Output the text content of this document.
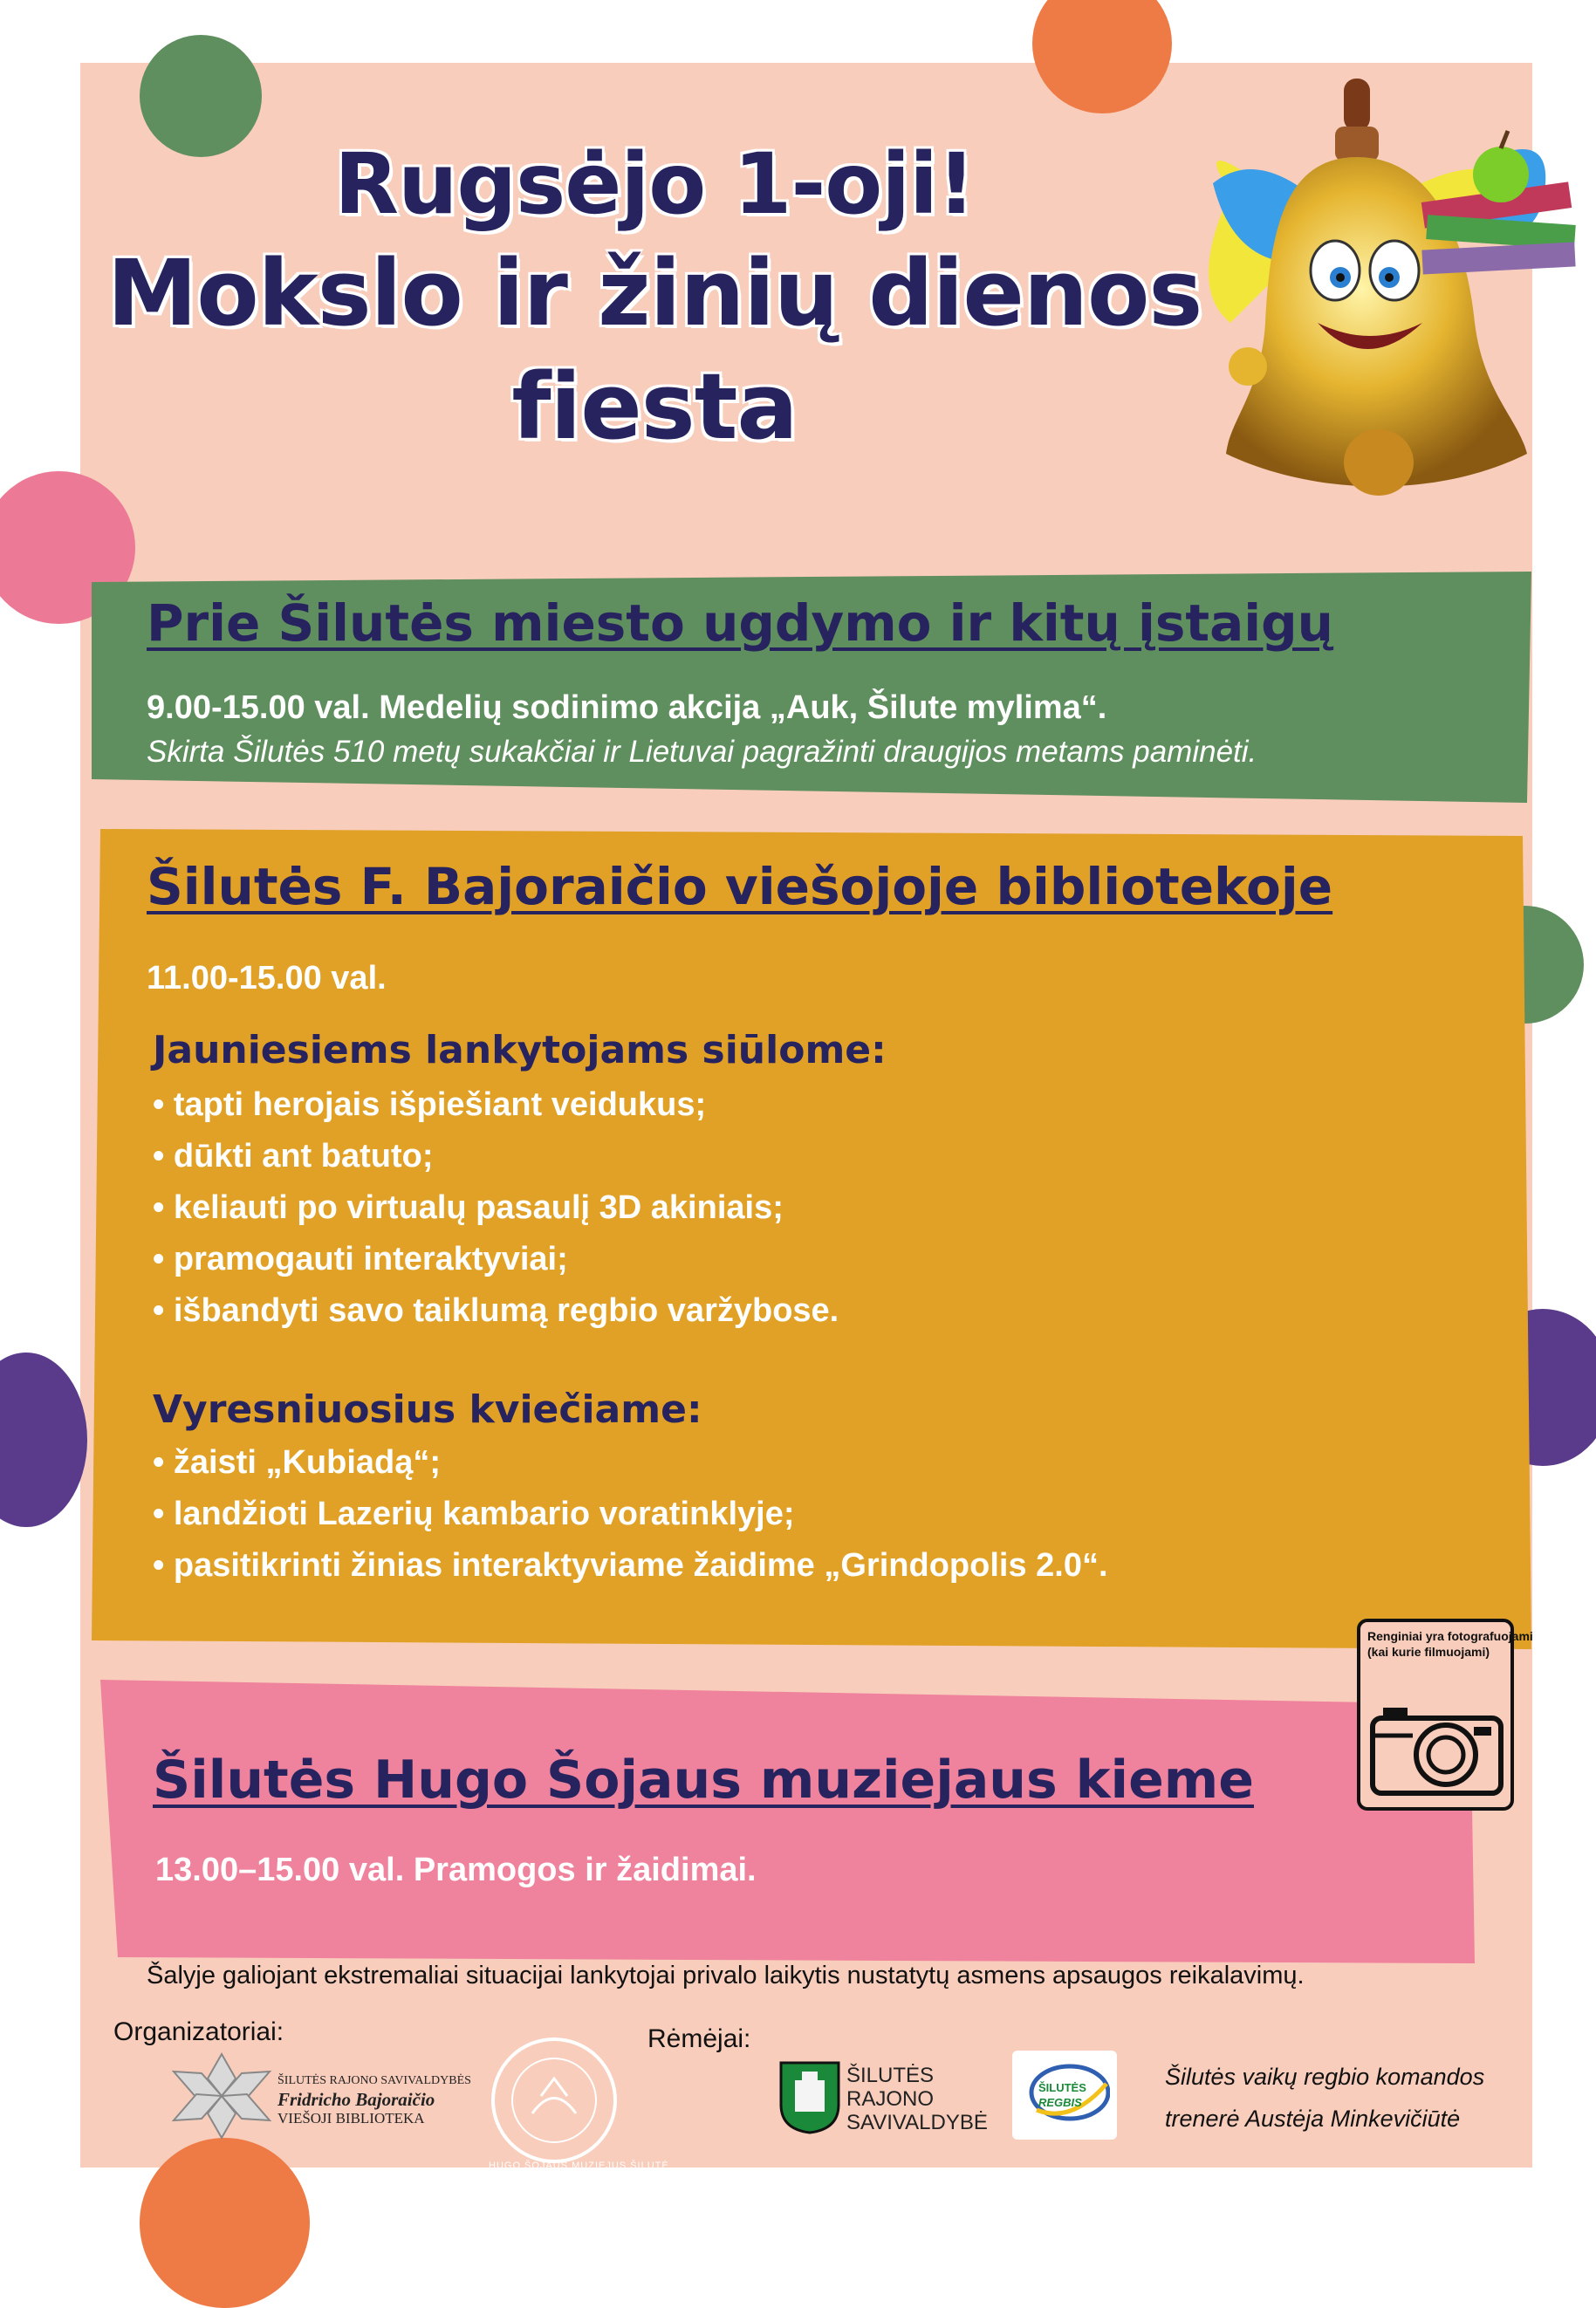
Rugsėjo 1-oji!
Mokslo ir žinių dienos
fiesta
Prie Šilutės miesto ugdymo ir kitų įstaigų
9.00-15.00 val. Medelių sodinimo akcija „Auk, Šilute mylima“.
Skirta Šilutės 510 metų sukakčiai ir Lietuvai pagražinti draugijos metams paminėti.
Šilutės F. Bajoraičio viešojoje bibliotekoje
11.00-15.00 val.
Jauniesiems lankytojams siūlome:
• tapti herojais išpiešiant veidukus;
• dūkti ant batuto;
• keliauti po virtualų pasaulį 3D akiniais;
• pramogauti interaktyviai;
• išbandyti savo taiklumą regbio varžybose.
Vyresniuosius kviečiame:
• žaisti „Kubiadą“;
• landžioti Lazerių kambario voratinklyje;
• pasitikrinti žinias interaktyviame žaidime „Grindopolis 2.0“.
Šilutės Hugo Šojaus muziejaus kieme
13.00–15.00 val. Pramogos ir žaidimai.
Renginiai yra fotografuojami
(kai kurie filmuojami)
Šalyje galiojant ekstremaliai situacijai lankytojai privalo laikytis nustatytų asmens apsaugos reikalavimų.
Organizatoriai:	Rėmėjai:
ŠILUTĖS RAJONO SAVIVALDYBĖS
Fridricho Bajoraičio
VIEŠOJI BIBLIOTEKA
HUGO ŠOJAUS MUZIEJUS ŠILUTĖ
ŠILUTĖS
RAJONO
SAVIVALDYBĖ
ŠILUTĖS
REGBIS
Šilutės vaikų regbio komandos
trenerė Austėja Minkevičiūtė
